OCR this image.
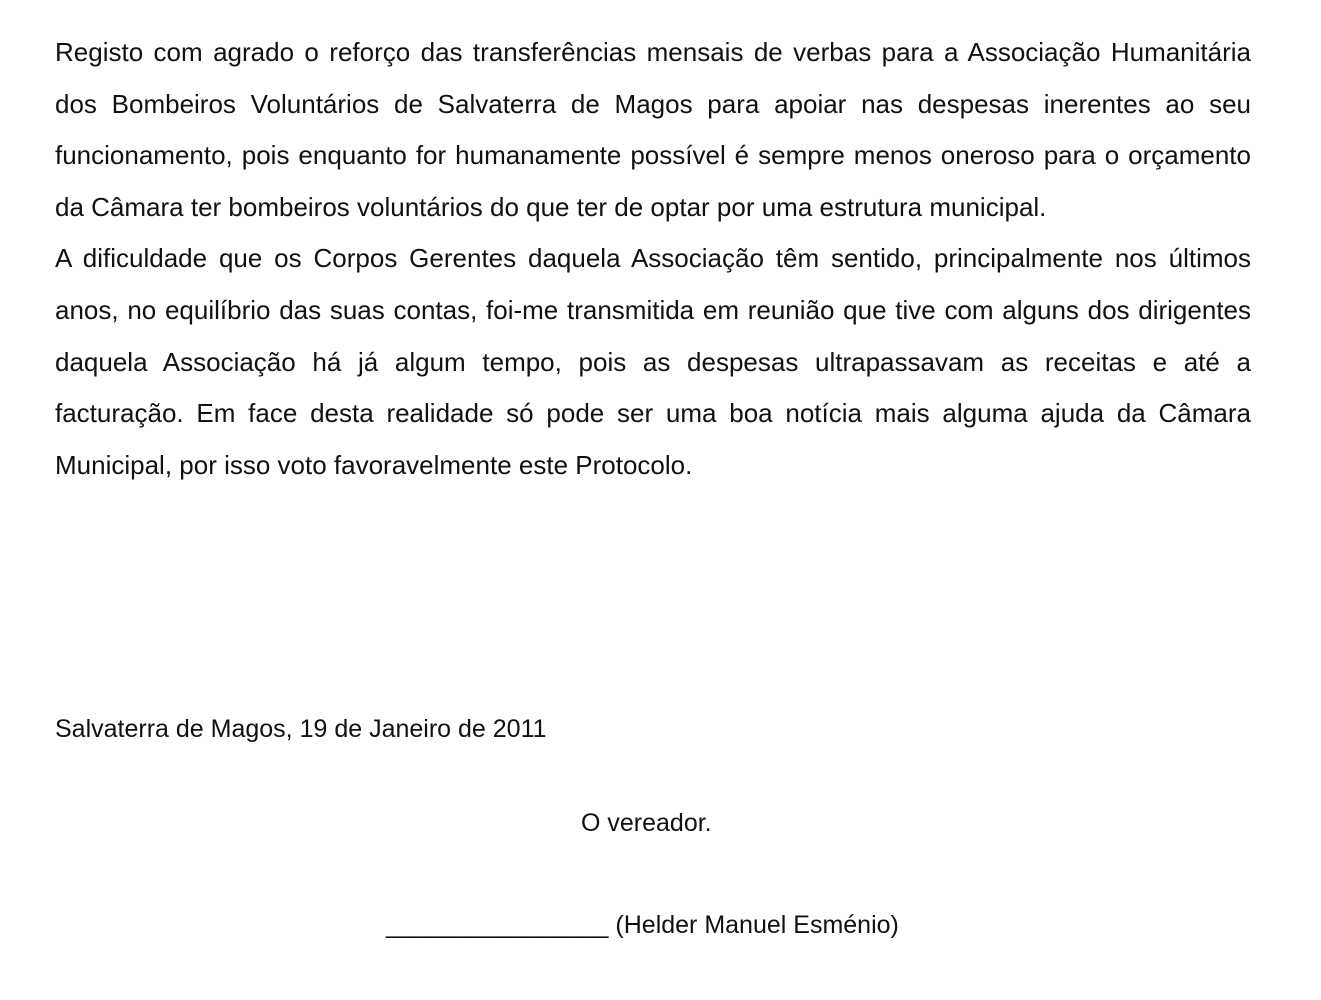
Registo com agrado o reforço das transferências mensais de verbas para a Associação Humanitária dos Bombeiros Voluntários de Salvaterra de Magos para apoiar nas despesas inerentes ao seu funcionamento, pois enquanto for humanamente possível é sempre menos oneroso para o orçamento da Câmara ter bombeiros voluntários do que ter de optar por uma estrutura municipal.

A dificuldade que os Corpos Gerentes daquela Associação têm sentido, principalmente nos últimos anos, no equilíbrio das suas contas, foi-me transmitida em reunião que tive com alguns dos dirigentes daquela Associação há já algum tempo, pois as despesas ultrapassavam as receitas e até a facturação. Em face desta realidade só pode ser uma boa notícia mais alguma ajuda da Câmara Municipal, por isso voto favoravelmente este Protocolo.

Salvaterra de Magos, 19 de Janeiro de 2011
O vereador.
________________ (Helder Manuel Esménio)
